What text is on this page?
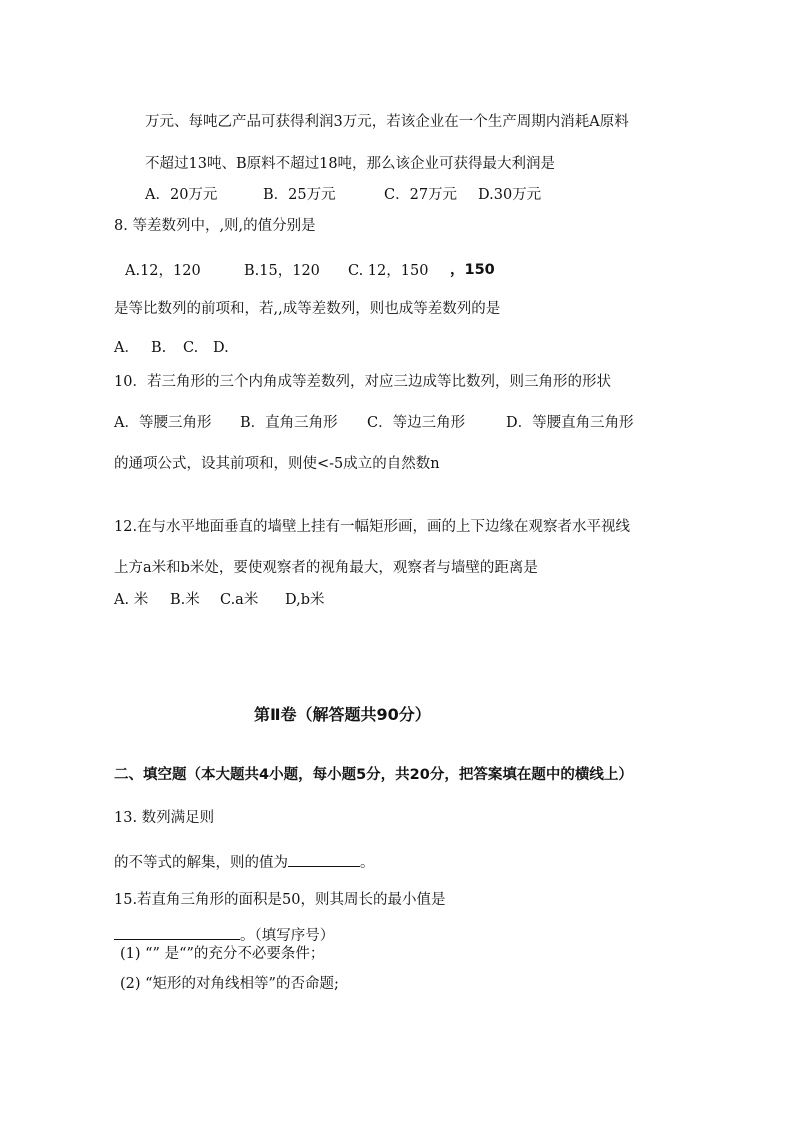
万元、每吨乙产品可获得利润3万元，若该企业在一个生产周期内消耗A原料
不超过13吨、B原料不超过18吨，那么该企业可获得最大利润是
A．20万元	B．25万元	C．27万元 D.30万元
8. 等差数列中，,则,的值分别是
A.12，120	B.15，120 C. 12，150 ，150
是等比数列的前项和，若,,成等差数列，则也成等差数列的是
A． B. C. D.
10．若三角形的三个内角成等差数列，对应三边成等比数列，则三角形的形状
A．等腰三角形 B．直角三角形 C．等边三角形	D．等腰直角三角形
的通项公式，设其前项和，则使<-5成立的自然数n
12.在与水平地面垂直的墙壁上挂有一幅矩形画，画的上下边缘在观察者水平视线
上方a米和b米处，要使观察者的视角最大，观察者与墙壁的距离是
A. 米 B.米 C.a米 D,b米
第Ⅱ卷（解答题共90分）
二、填空题（本大题共4小题，每小题5分，共20分，把答案填在题中的横线上）
13. 数列满足则
的不等式的解集，则的值为	。
15.若直角三角形的面积是50，则其周长的最小值是
。（填写序号）
(1) “” 是“”的充分不必要条件；
(2) “矩形的对角线相等”的否命题;
